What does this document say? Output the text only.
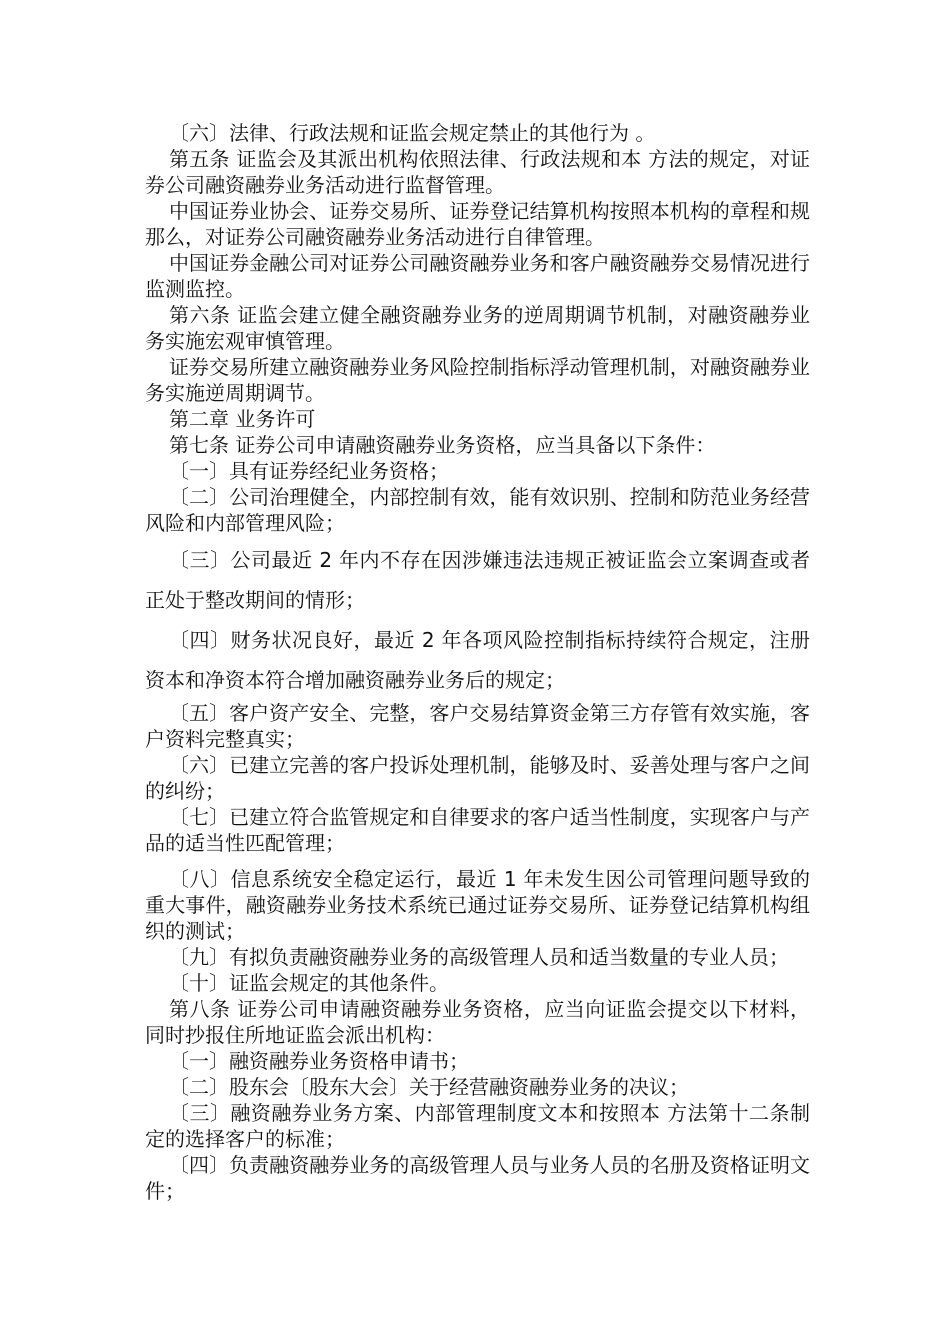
〔六〕法律、行政法规和证监会规定禁止的其他行为 。

第五条 证监会及其派出机构依照法律、行政法规和本 方法的规定，对证券公司融资融券业务活动进行监督管理。

中国证券业协会、证券交易所、证券登记结算机构按照本机构的章程和规那么，对证券公司融资融券业务活动进行自律管理。

中国证券金融公司对证券公司融资融券业务和客户融资融券交易情况进行监测监控。

第六条 证监会建立健全融资融券业务的逆周期调节机制，对融资融券业务实施宏观审慎管理。

证券交易所建立融资融券业务风险控制指标浮动管理机制，对融资融券业务实施逆周期调节。

第二章 业务许可

第七条 证券公司申请融资融券业务资格，应当具备以下条件：

〔一〕具有证券经纪业务资格；

〔二〕公司治理健全，内部控制有效，能有效识别、控制和防范业务经营风险和内部管理风险；

〔三〕公司最近 2 年内不存在因涉嫌违法违规正被证监会立案调查或者正处于整改期间的情形；

〔四〕财务状况良好，最近 2 年各项风险控制指标持续符合规定，注册资本和净资本符合增加融资融券业务后的规定；

〔五〕客户资产安全、完整，客户交易结算资金第三方存管有效实施，客户资料完整真实；

〔六〕已建立完善的客户投诉处理机制，能够及时、妥善处理与客户之间的纠纷；

〔七〕已建立符合监管规定和自律要求的客户适当性制度，实现客户与产品的适当性匹配管理；

〔八〕信息系统安全稳定运行，最近 1 年未发生因公司管理问题导致的重大事件，融资融券业务技术系统已通过证券交易所、证券登记结算机构组织的测试；

〔九〕有拟负责融资融券业务的高级管理人员和适当数量的专业人员；

〔十〕证监会规定的其他条件。

第八条 证券公司申请融资融券业务资格，应当向证监会提交以下材料，同时抄报住所地证监会派出机构：

〔一〕融资融券业务资格申请书；

〔二〕股东会〔股东大会〕关于经营融资融券业务的决议；

〔三〕融资融券业务方案、内部管理制度文本和按照本 方法第十二条制定的选择客户的标准；

〔四〕负责融资融券业务的高级管理人员与业务人员的名册及资格证明文件；
